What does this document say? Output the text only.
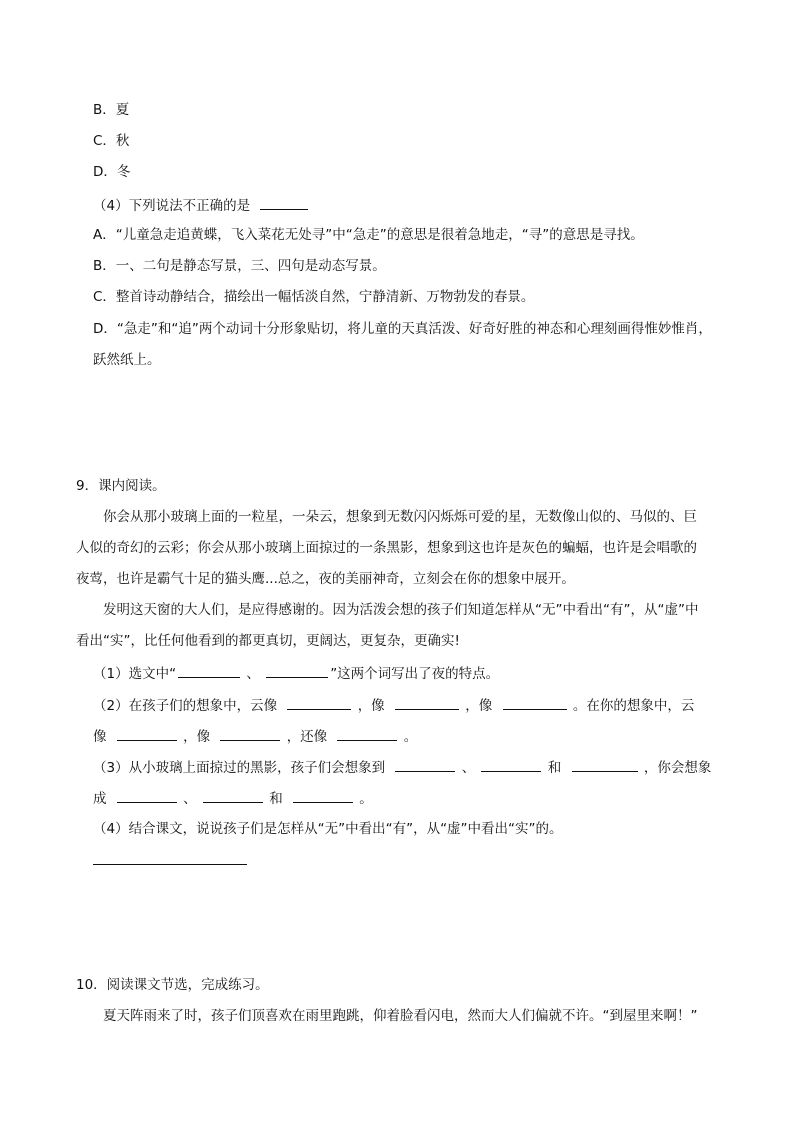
B．夏
C．秋
D．冬
（4）下列说法不正确的是
A．“儿童急走追黄蝶，飞入菜花无处寻”中“急走”的意思是很着急地走，“寻”的意思是寻找。
B．一、二句是静态写景，三、四句是动态写景。
C．整首诗动静结合，描绘出一幅恬淡自然，宁静清新、万物勃发的春景。
D．“急走”和“追”两个动词十分形象贴切，将儿童的天真活泼、好奇好胜的神态和心理刻画得惟妙惟肖，
跃然纸上。
9．课内阅读。
你会从那小玻璃上面的一粒星，一朵云，想象到无数闪闪烁烁可爱的星，无数像山似的、马似的、巨
人似的奇幻的云彩；你会从那小玻璃上面掠过的一条黑影，想象到这也许是灰色的蝙蝠，也许是会唱歌的
夜莺，也许是霸气十足的猫头鹰...总之，夜的美丽神奇，立刻会在你的想象中展开。
发明这天窗的大人们，是应得感谢的。因为活泼会想的孩子们知道怎样从“无”中看出“有”，从“虚”中
看出“实”，比任何他看到的都更真切，更阔达，更复杂，更确实!
（1）选文中“	、	”这两个词写出了夜的特点。
（2）在孩子们的想象中，云像	，像	，像	。在你的想象中，云
像	，像	，还像	。
（3）从小玻璃上面掠过的黑影，孩子们会想象到	、	和	，你会想象
成	、	和	。
（4）结合课文，说说孩子们是怎样从“无”中看出“有”，从“虚”中看出“实”的。
10．阅读课文节选，完成练习。
夏天阵雨来了时，孩子们顶喜欢在雨里跑跳，仰着脸看闪电，然而大人们偏就不许。“到屋里来啊！”
